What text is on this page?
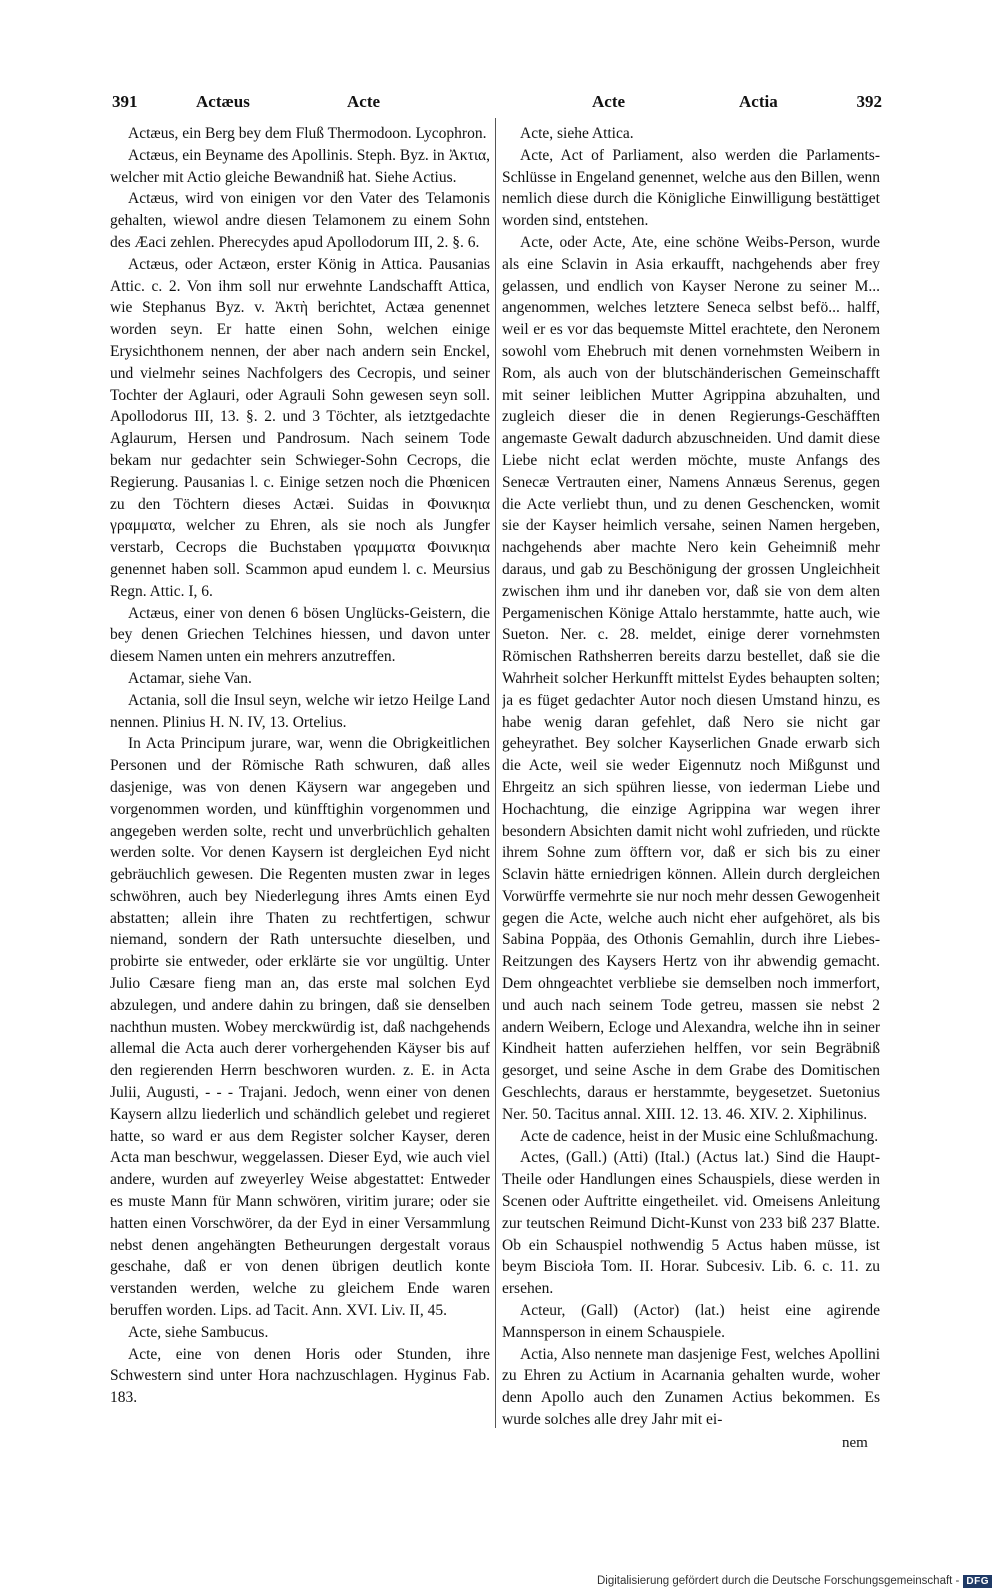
391	Actæus	Acte	Acte	Actia	392

Actæus, ein Berg bey dem Fluß Thermodoon. Lycophron.

Actæus, ein Beyname des Apollinis. Steph. Byz. in Ἀκτια, welcher mit Actio gleiche Bewandniß hat. Siehe Actius.

Actæus, wird von einigen vor den Vater des Telamonis gehalten, wiewol andre diesen Telamonem zu einem Sohn des Æaci zehlen. Pherecydes apud Apollodorum III, 2. §. 6.

Actæus, oder Actæon, erster König in Attica. Pausanias Attic. c. 2. Von ihm soll nur erwehnte Landschafft Attica, wie Stephanus Byz. v. Ἀκτὴ berichtet, Actæa genennet worden seyn. Er hatte einen Sohn, welchen einige Erysichthonem nennen, der aber nach andern sein Enckel, und vielmehr seines Nachfolgers des Cecropis, und seiner Tochter der Aglauri, oder Agrauli Sohn gewesen seyn soll. Apollodorus III, 13. §. 2. und 3 Töchter, als ietztgedachte Aglaurum, Hersen und Pandrosum. Nach seinem Tode bekam nur gedachter sein Schwieger-Sohn Cecrops, die Regierung. Pausanias l. c. Einige setzen noch die Phœnicen zu den Töchtern dieses Actæi. Suidas in Φοινικηια γραμματα, welcher zu Ehren, als sie noch als Jungfer verstarb, Cecrops die Buchstaben γραμματα Φοινικηια genennet haben soll. Scammon apud eundem l. c. Meursius Regn. Attic. I, 6.

Actæus, einer von denen 6 bösen Unglücks-Geistern, die bey denen Griechen Telchines hiessen, und davon unter diesem Namen unten ein mehrers anzutreffen.

Actamar, siehe Van.

Actania, soll die Insul seyn, welche wir ietzo Heilge Land nennen. Plinius H. N. IV, 13. Ortelius.

In Acta Principum jurare, war, wenn die Obrigkeitlichen Personen und der Römische Rath schwuren, daß alles dasjenige, was von denen Käysern war angegeben und vorgenommen worden, und künfftighin vorgenommen und angegeben werden solte, recht und unverbrüchlich gehalten werden solte. Vor denen Kaysern ist dergleichen Eyd nicht gebräuchlich gewesen. Die Regenten musten zwar in leges schwöhren, auch bey Niederlegung ihres Amts einen Eyd abstatten; allein ihre Thaten zu rechtfertigen, schwur niemand, sondern der Rath untersuchte dieselben, und probirte sie entweder, oder erklärte sie vor ungültig. Unter Julio Cæsare fieng man an, das erste mal solchen Eyd abzulegen, und andere dahin zu bringen, daß sie denselben nachthun musten. Wobey merckwürdig ist, daß nachgehends allemal die Acta auch derer vorhergehenden Käyser bis auf den regierenden Herrn beschworen wurden. z. E. in Acta Julii, Augusti, - - - Trajani. Jedoch, wenn einer von denen Kaysern allzu liederlich und schändlich gelebet und regieret hatte, so ward er aus dem Register solcher Kayser, deren Acta man beschwur, weggelassen. Dieser Eyd, wie auch viel andere, wurden auf zweyerley Weise abgestattet: Entweder es muste Mann für Mann schwören, viritim jurare; oder sie hatten einen Vorschwörer, da der Eyd in einer Versammlung nebst denen angehängten Betheurungen dergestalt voraus geschahe, daß er von denen übrigen deutlich konte verstanden werden, welche zu gleichem Ende waren beruffen worden. Lips. ad Tacit. Ann. XVI. Liv. II, 45.

Acte, siehe Sambucus.

Acte, eine von denen Horis oder Stunden, ihre Schwestern sind unter Hora nachzuschlagen. Hyginus Fab. 183.

Acte, siehe Attica.

Acte, Act of Parliament, also werden die Parlaments-Schlüsse in Engeland genennet, welche aus den Billen, wenn nemlich diese durch die Königliche Einwilligung bestättiget worden sind, entstehen.

Acte, oder Acte, Ate, eine schöne Weibs-Person, wurde als eine Sclavin in Asia erkaufft, nachgehends aber frey gelassen, und endlich von Kayser Nerone zu seiner M... angenommen, welches letztere Seneca selbst befö... halff, weil er es vor das bequemste Mittel erachtete, den Neronem sowohl vom Ehebruch mit denen vornehmsten Weibern in Rom, als auch von der blutschänderischen Gemeinschafft mit seiner leiblichen Mutter Agrippina abzuhalten, und zugleich dieser die in denen Regierungs-Geschäfften angemaste Gewalt dadurch abzuschneiden. Und damit diese Liebe nicht eclat werden möchte, muste Anfangs des Senecæ Vertrauten einer, Namens Annæus Serenus, gegen die Acte verliebt thun, und zu denen Geschencken, womit sie der Kayser heimlich versahe, seinen Namen hergeben, nachgehends aber machte Nero kein Geheimniß mehr daraus, und gab zu Beschönigung der grossen Ungleichheit zwischen ihm und ihr daneben vor, daß sie von dem alten Pergamenischen Könige Attalo herstammte, hatte auch, wie Sueton. Ner. c. 28. meldet, einige derer vornehmsten Römischen Rathsherren bereits darzu bestellet, daß sie die Wahrheit solcher Herkunfft mittelst Eydes behaupten solten; ja es füget gedachter Autor noch diesen Umstand hinzu, es habe wenig daran gefehlet, daß Nero sie nicht gar geheyrathet. Bey solcher Kayserlichen Gnade erwarb sich die Acte, weil sie weder Eigennutz noch Mißgunst und Ehrgeitz an sich spühren liesse, von iederman Liebe und Hochachtung, die einzige Agrippina war wegen ihrer besondern Absichten damit nicht wohl zufrieden, und rückte ihrem Sohne zum öfftern vor, daß er sich bis zu einer Sclavin hätte erniedrigen können. Allein durch dergleichen Vorwürffe vermehrte sie nur noch mehr dessen Gewogenheit gegen die Acte, welche auch nicht eher aufgehöret, als bis Sabina Poppäa, des Othonis Gemahlin, durch ihre Liebes-Reitzungen des Kaysers Hertz von ihr abwendig gemacht. Dem ohngeachtet verbliebe sie demselben noch immerfort, und auch nach seinem Tode getreu, massen sie nebst 2 andern Weibern, Ecloge und Alexandra, welche ihn in seiner Kindheit hatten auferziehen helffen, vor sein Begräbniß gesorget, und seine Asche in dem Grabe des Domitischen Geschlechts, daraus er herstammte, beygesetzet. Suetonius Ner. 50. Tacitus annal. XIII. 12. 13. 46. XIV. 2. Xiphilinus.

Acte de cadence, heist in der Music eine Schlußmachung.

Actes, (Gall.) (Atti) (Ital.) (Actus lat.) Sind die Haupt-Theile oder Handlungen eines Schauspiels, diese werden in Scenen oder Auftritte eingetheilet. vid. Omeisens Anleitung zur teutschen Reimund Dicht-Kunst von 233 biß 237 Blatte. Ob ein Schauspiel nothwendig 5 Actus haben müsse, ist beym Biscioła Tom. II. Horar. Subcesiv. Lib. 6. c. 11. zu ersehen.

Acteur, (Gall) (Actor) (lat.) heist eine agirende Mannsperson in einem Schauspiele.

Actia, Also nennete man dasjenige Fest, welches Apollini zu Ehren zu Actium in Acarnania gehalten wurde, woher denn Apollo auch den Zunamen Actius bekommen. Es wurde solches alle drey Jahr mit ei-

nem
Digitalisierung gefördert durch die Deutsche Forschungsgemeinschaft - DFG
